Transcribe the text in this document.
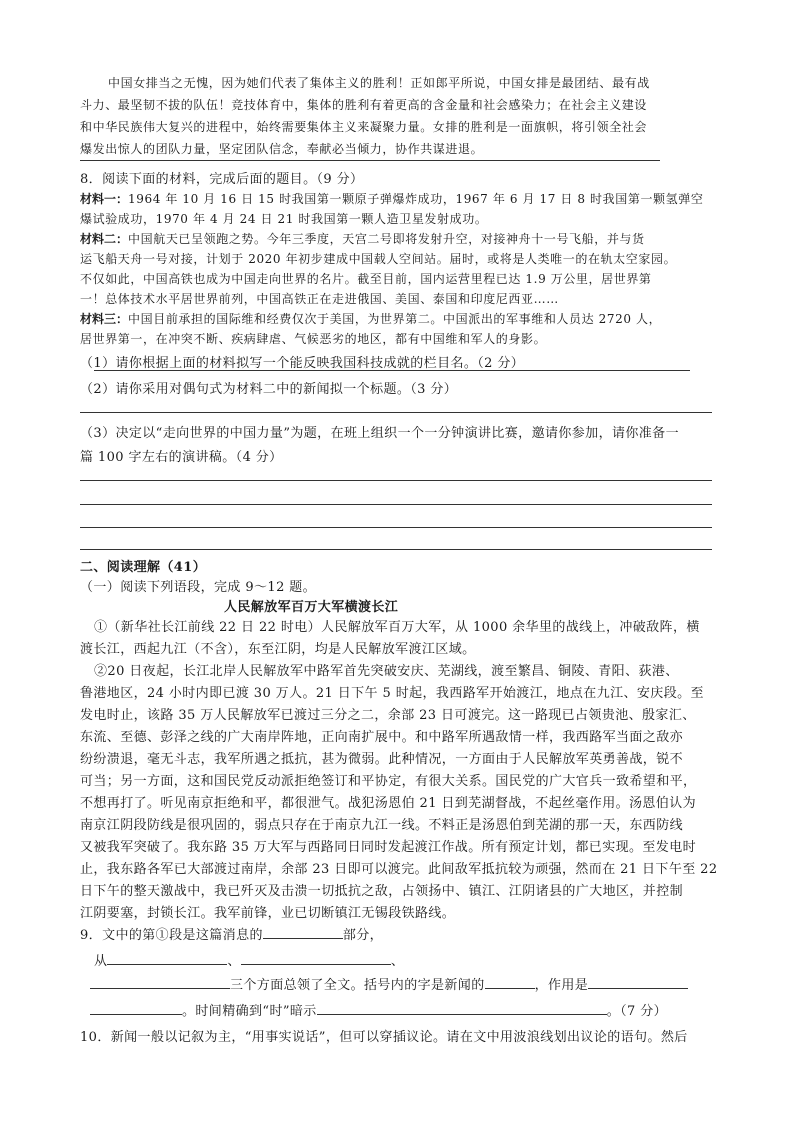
中国女排当之无愧，因为她们代表了集体主义的胜利！正如郎平所说，中国女排是最团结、最有战
斗力、最坚韧不拔的队伍！竞技体育中，集体的胜利有着更高的含金量和社会感染力；在社会主义建设
和中华民族伟大复兴的进程中，始终需要集体主义来凝聚力量。女排的胜利是一面旗帜，将引领全社会
爆发出惊人的团队力量，坚定团队信念，奉献必当倾力，协作共谋进退。
8．阅读下面的材料，完成后面的题目。（9 分）
材料一：1964 年 10 月 16 日 15 时我国第一颗原子弹爆炸成功，1967 年 6 月 17 日 8 时我国第一颗氢弹空
爆试验成功，1970 年 4 月 24 日 21 时我国第一颗人造卫星发射成功。
材料二：中国航天已呈领跑之势。今年三季度，天宫二号即将发射升空，对接神舟十一号飞船，并与货
运飞船天舟一号对接，计划于 2020 年初步建成中国载人空间站。届时，或将是人类唯一的在轨太空家园。
不仅如此，中国高铁也成为中国走向世界的名片。截至目前，国内运营里程已达 1.9 万公里，居世界第
一！总体技术水平居世界前列，中国高铁正在走进俄国、美国、泰国和印度尼西亚……
材料三：中国目前承担的国际维和经费仅次于美国，为世界第二。中国派出的军事维和人员达 2720 人，
居世界第一，在冲突不断、疾病肆虐、气候恶劣的地区，都有中国维和军人的身影。
（1）请你根据上面的材料拟写一个能反映我国科技成就的栏目名。（2 分）
（2）请你采用对偶句式为材料二中的新闻拟一个标题。（3 分）
（3）决定以“走向世界的中国力量”为题，在班上组织一个一分钟演讲比赛，邀请你参加，请你准备一
篇 100 字左右的演讲稿。（4 分）
二、阅读理解（41）
（一）阅读下列语段，完成 9～12 题。
人民解放军百万大军横渡长江
①（新华社长江前线 22 日 22 时电）人民解放军百万大军，从 1000 余华里的战线上，冲破敌阵，横
渡长江，西起九江（不含），东至江阴，均是人民解放军渡江区域。
②20 日夜起，长江北岸人民解放军中路军首先突破安庆、芜湖线，渡至繁昌、铜陵、青阳、荻港、
鲁港地区，24 小时内即已渡 30 万人。21 日下午 5 时起，我西路军开始渡江，地点在九江、安庆段。至
发电时止，该路 35 万人民解放军已渡过三分之二，余部 23 日可渡完。这一路现已占领贵池、殷家汇、
东流、至德、彭泽之线的广大南岸阵地，正向南扩展中。和中路军所遇敌情一样，我西路军当面之敌亦
纷纷溃退，毫无斗志，我军所遇之抵抗，甚为微弱。此种情况，一方面由于人民解放军英勇善战，锐不
可当；另一方面，这和国民党反动派拒绝签订和平协定，有很大关系。国民党的广大官兵一致希望和平，
不想再打了。听见南京拒绝和平，都很泄气。战犯汤恩伯 21 日到芜湖督战，不起丝毫作用。汤恩伯认为
南京江阴段防线是很巩固的，弱点只存在于南京九江一线。不料正是汤恩伯到芜湖的那一天，东西防线
又被我军突破了。我东路 35 万大军与西路同日同时发起渡江作战。所有预定计划，都已实现。至发电时
止，我东路各军已大部渡过南岸，余部 23 日即可以渡完。此间敌军抵抗较为顽强，然而在 21 日下午至 22
日下午的整天激战中，我已歼灭及击溃一切抵抗之敌，占领扬中、镇江、江阴诸县的广大地区，并控制
江阴要塞，封锁长江。我军前锋，业已切断镇江无锡段铁路线。
9．文中的第①段是这篇消息的	部分，
从	、	、
三个方面总领了全文。括号内的字是新闻的	，作用是
。时间精确到“时”暗示	。（7 分）
10．新闻一般以记叙为主，“用事实说话”，但可以穿插议论。请在文中用波浪线划出议论的语句。然后
